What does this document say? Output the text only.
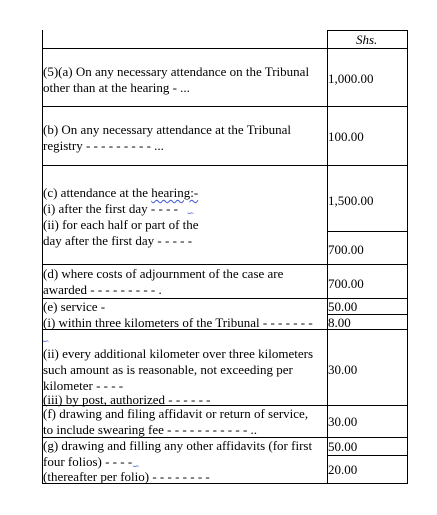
Shs.
(5)(a) On any necessary attendance on the Tribunal
other than at the hearing - ...
1,000.00
(b) On any necessary attendance at the Tribunal
registry - - - - - - - - - ...
100.00
(c) attendance at the hearing:-
(i) after the first day - - - $-_{ﾠ∽}$
(ii) for each half or part of the
day after the first day - - - - -
1,500.00
700.00
(d) where costs of adjournment of the case are
awarded - - - - - - - - - .	700.00
(e) service -
(i) within three kilometers of the Tribunal - - - - - - -
50.00
8.00
∽
(ii) every additional kilometer over three kilometers
such amount as is reasonable, not exceeding per
kilometer - - - -
(iii) by post, authorized - - - - - -
30.00
(f) drawing and filing affidavit or return of service,
to include swearing fee - - - - - - - - - - - ..
30.00
(g) drawing and filling any other affidavits (for first
four folios) - - - $-_∽$
(thereafter per folio) - - - - - - - -
50.00
20.00
